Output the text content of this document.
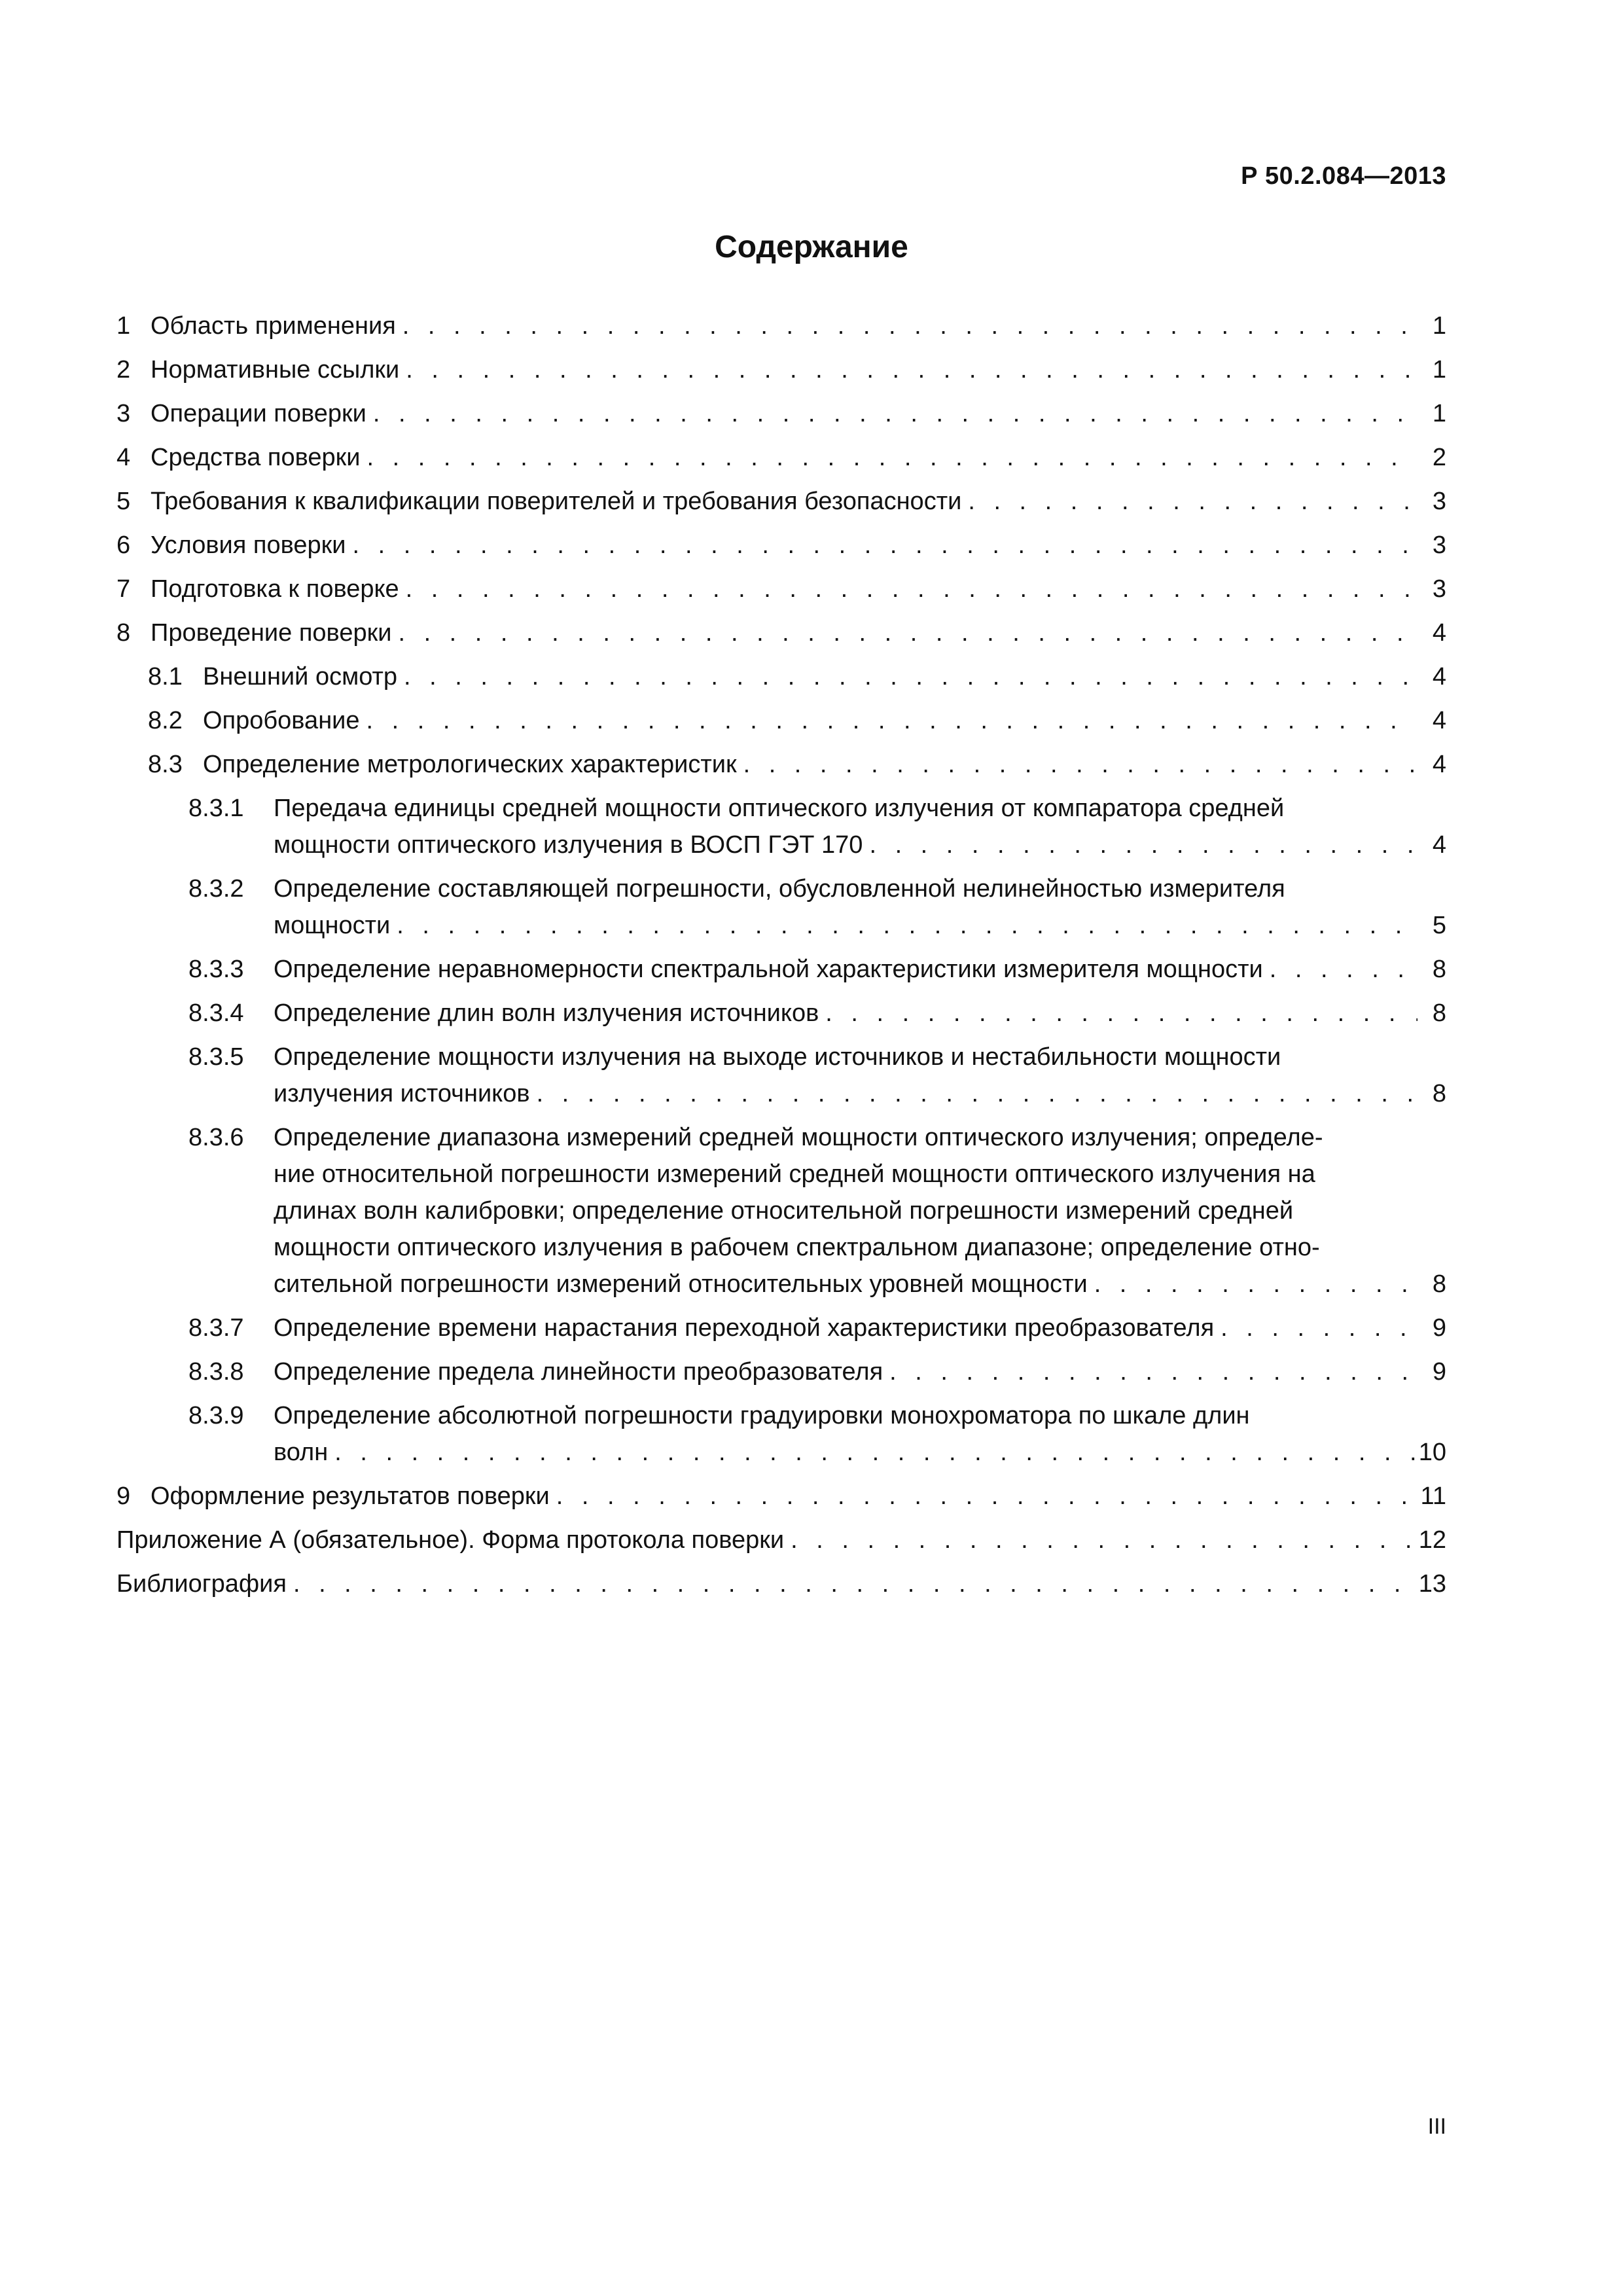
Р 50.2.084—2013
Содержание
1 Область применения . . .	1
2 Нормативные ссылки . . .	1
3 Операции поверки . . .	1
4 Средства поверки . . .	2
5 Требования к квалификации поверителей и требования безопасности . . .	3
6 Условия поверки . . .	3
7 Подготовка к поверке . . .	3
8 Проведение поверки . . .	4
8.1 Внешний осмотр . . .	4
8.2 Опробование . . .	4
8.3 Определение метрологических характеристик . . .	4
8.3.1	Передача единицы средней мощности оптического излучения от компаратора средней
мощности оптического излучения в ВОСП ГЭТ 170 . . .	4
8.3.2	Определение составляющей погрешности, обусловленной нелинейностью измерителя
мощности . . .	5
8.3.3	Определение неравномерности спектральной характеристики измерителя мощности . . .	8
8.3.4	Определение длин волн излучения источников . . .	8
8.3.5	Определение мощности излучения на выходе источников и нестабильности мощности
излучения источников . . .	8
8.3.6	Определение диапазона измерений средней мощности оптического излучения; определе-
ние относительной погрешности измерений средней мощности оптического излучения на
длинах волн калибровки; определение относительной погрешности измерений средней
мощности оптического излучения в рабочем спектральном диапазоне; определение отно-
сительной погрешности измерений относительных уровней мощности . . .	8
8.3.7	Определение времени нарастания переходной характеристики преобразователя . . .	9
8.3.8	Определение предела линейности преобразователя . . .	9
8.3.9	Определение абсолютной погрешности градуировки монохроматора по шкале длин
волн . . .	10
9 Оформление результатов поверки . . .	11
Приложение А (обязательное). Форма протокола поверки . . .	12
Библиография . . .	13
III
